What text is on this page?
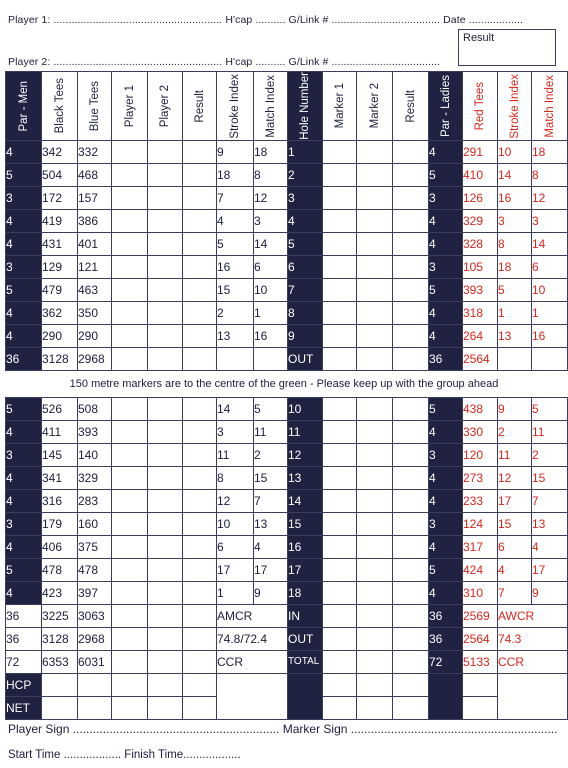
Player 1: ........................................................ H'cap .......... G/Link # .................................... Date ..................
Result
Player 2: ........................................................ H'cap .......... G/Link # ....................................
Par - Men	Black Tees	Blue Tees	Player 1	Player 2	Result	Stroke Index	Match Index	Hole Number	Marker 1	Marker 2	Result	Par - Ladies	Red Tees	Stroke Index	Match Index

4	342	332				9	18	1				4	291	10	18
5	504	468				18	8	2				5	410	14	8
3	172	157				7	12	3				3	126	16	12
4	419	386				4	3	4				4	329	3	3
4	431	401				5	14	5				4	328	8	14
3	129	121				16	6	6				3	105	18	6
5	479	463				15	10	7				5	393	5	10
4	362	350				2	1	8				4	318	1	1
4	290	290				13	16	9				4	264	13	16
36	3128	2968						OUT				36	2564		
150 metre markers are to the centre of the green - Please keep up with the group ahead
5	526	508				14	5	10				5	438	9	5
4	411	393				3	11	11				4	330	2	11
3	145	140				11	2	12				3	120	11	2
4	341	329				8	15	13				4	273	12	15
4	316	283				12	7	14				4	233	17	7
3	179	160				10	13	15				3	124	15	13
4	406	375				6	4	16				4	317	6	4
5	478	478				17	17	17				5	424	4	17
4	423	397				1	9	18				4	310	7	9
36	3225	3063				AMCR		IN				36	2569	AWCR	
36	3128	2968				74.8/72.4		OUT				36	2564	74.3	
72	6353	6031				CCR		TOTAL				72	5133	CCR	
HCP															
NET															
Player Sign .............................................................. Marker Sign ..............................................................
Start Time .................. Finish Time..................
